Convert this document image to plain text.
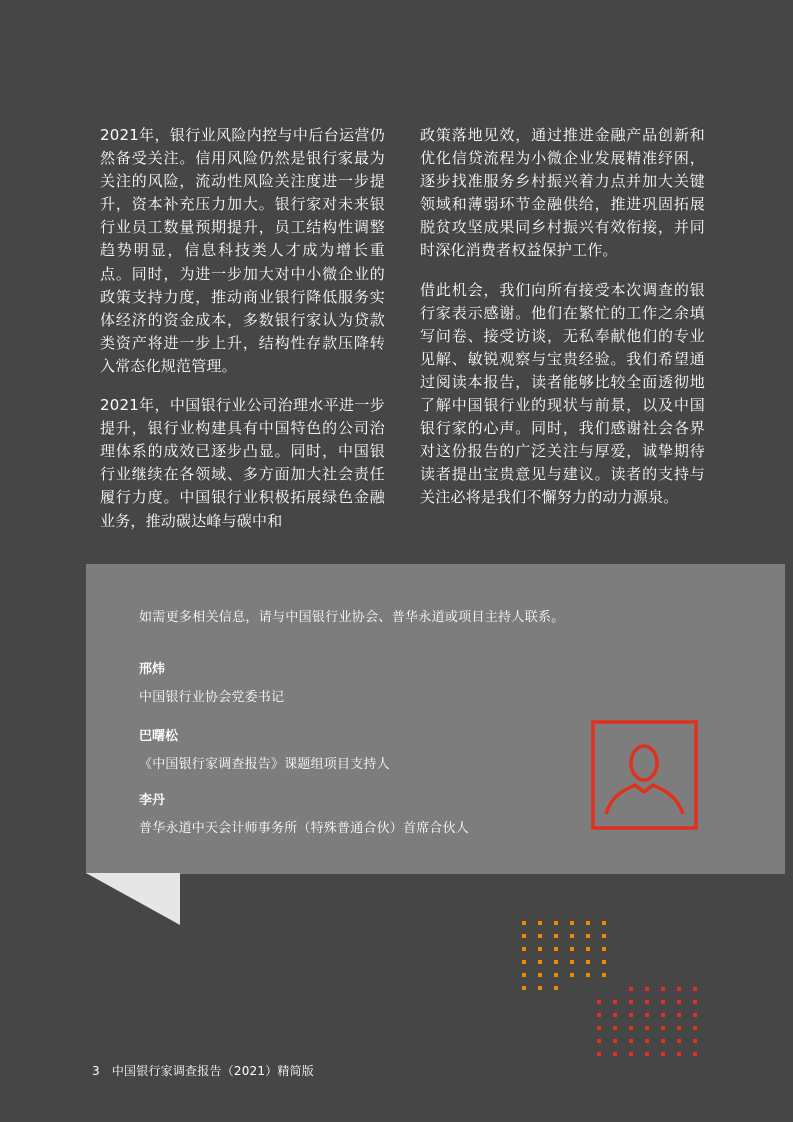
2021年，银行业风险内控与中后台运营仍然备受关注。信用风险仍然是银行家最为关注的风险，流动性风险关注度进一步提升，资本补充压力加大。银行家对未来银行业员工数量预期提升，员工结构性调整趋势明显，信息科技类人才成为增长重点。同时，为进一步加大对中小微企业的政策支持力度，推动商业银行降低服务实体经济的资金成本，多数银行家认为贷款类资产将进一步上升，结构性存款压降转入常态化规范管理。

2021年，中国银行业公司治理水平进一步提升，银行业构建具有中国特色的公司治理体系的成效已逐步凸显。同时，中国银行业继续在各领域、多方面加大社会责任履行力度。中国银行业积极拓展绿色金融业务，推动碳达峰与碳中和

政策落地见效，通过推进金融产品创新和优化信贷流程为小微企业发展精准纾困，逐步找准服务乡村振兴着力点并加大关键领域和薄弱环节金融供给，推进巩固拓展脱贫攻坚成果同乡村振兴有效衔接，并同时深化消费者权益保护工作。

借此机会，我们向所有接受本次调查的银行家表示感谢。他们在繁忙的工作之余填写问卷、接受访谈，无私奉献他们的专业见解、敏锐观察与宝贵经验。我们希望通过阅读本报告，读者能够比较全面透彻地了解中国银行业的现状与前景，以及中国银行家的心声。同时，我们感谢社会各界对这份报告的广泛关注与厚爱，诚挚期待读者提出宝贵意见与建议。读者的支持与关注必将是我们不懈努力的动力源泉。

如需更多相关信息，请与中国银行业协会、普华永道或项目主持人联系。
邢炜
中国银行业协会党委书记
巴曙松
《中国银行家调查报告》课题组项目支持人
李丹
普华永道中天会计师事务所（特殊普通合伙）首席合伙人
3 中国银行家调查报告（2021）精简版
